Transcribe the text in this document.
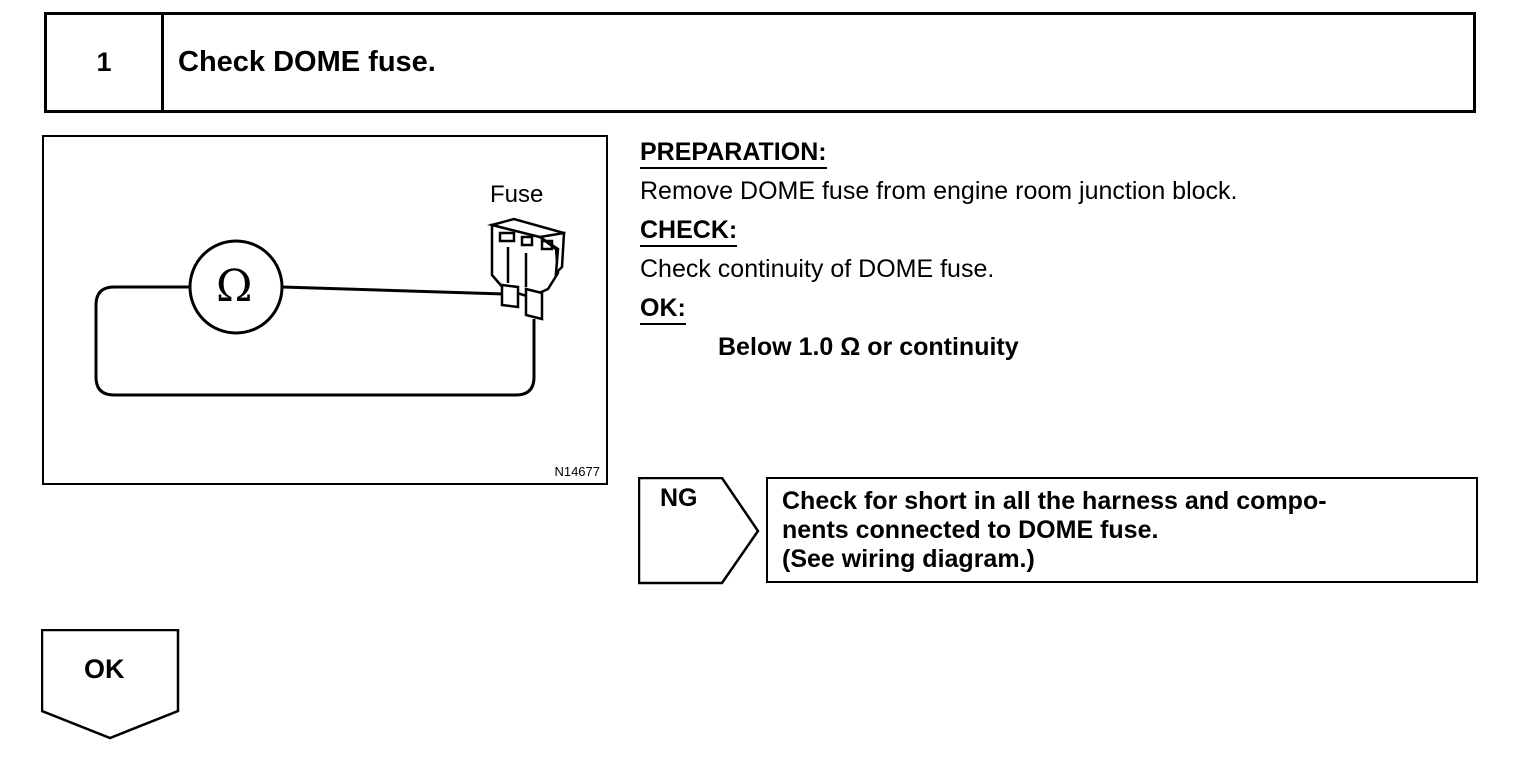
1	Check DOME fuse.
Ω
Fuse
N14677
PREPARATION:
Remove DOME fuse from engine room junction block.
CHECK:
Check continuity of DOME fuse.
OK:
Below 1.0 Ω or continuity
NG	Check for short in all the harness and compo-
nents connected to DOME fuse.
(See wiring diagram.)
OK
